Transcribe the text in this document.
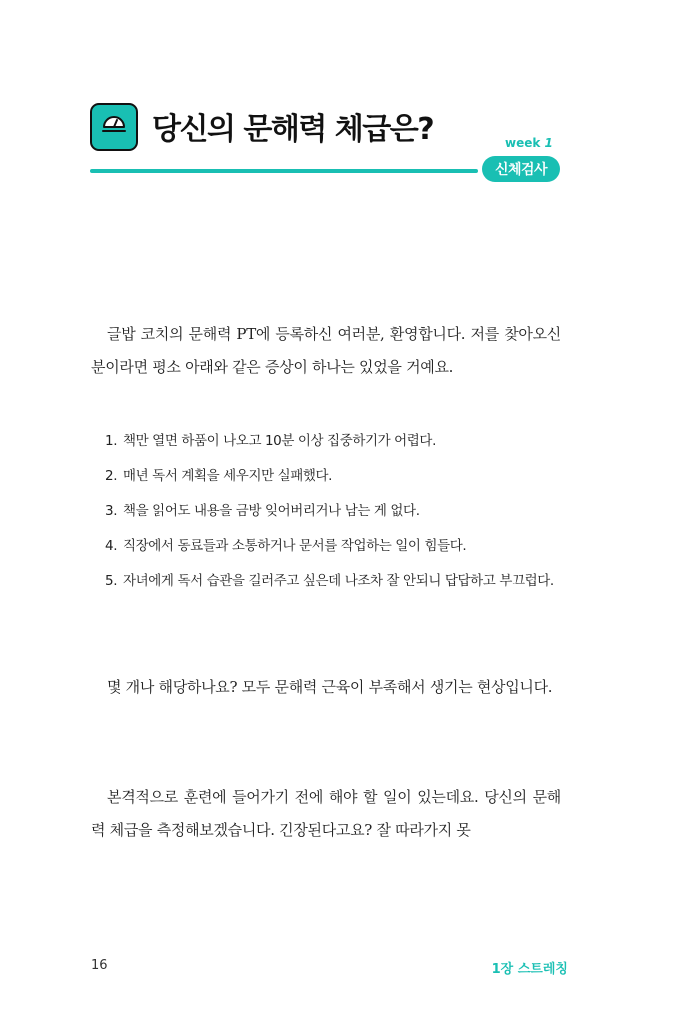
당신의 문해력 체급은?	week 1
신체검사

글밥 코치의 문해력 PT에 등록하신 여러분, 환영합니다. 저를 찾아오신 분이라면 평소 아래와 같은 증상이 하나는 있었을 거예요.

1. 책만 열면 하품이 나오고 10분 이상 집중하기가 어렵다.
2. 매년 독서 계획을 세우지만 실패했다.
3. 책을 읽어도 내용을 금방 잊어버리거나 남는 게 없다.
4. 직장에서 동료들과 소통하거나 문서를 작업하는 일이 힘들다.
5. 자녀에게 독서 습관을 길러주고 싶은데 나조차 잘 안되니 답답하고 부끄럽다.

몇 개나 해당하나요? 모두 문해력 근육이 부족해서 생기는 현상입니다.

본격적으로 훈련에 들어가기 전에 해야 할 일이 있는데요. 당신의 문해력 체급을 측정해보겠습니다. 긴장된다고요? 잘 따라가지 못

16	1장 스트레칭
